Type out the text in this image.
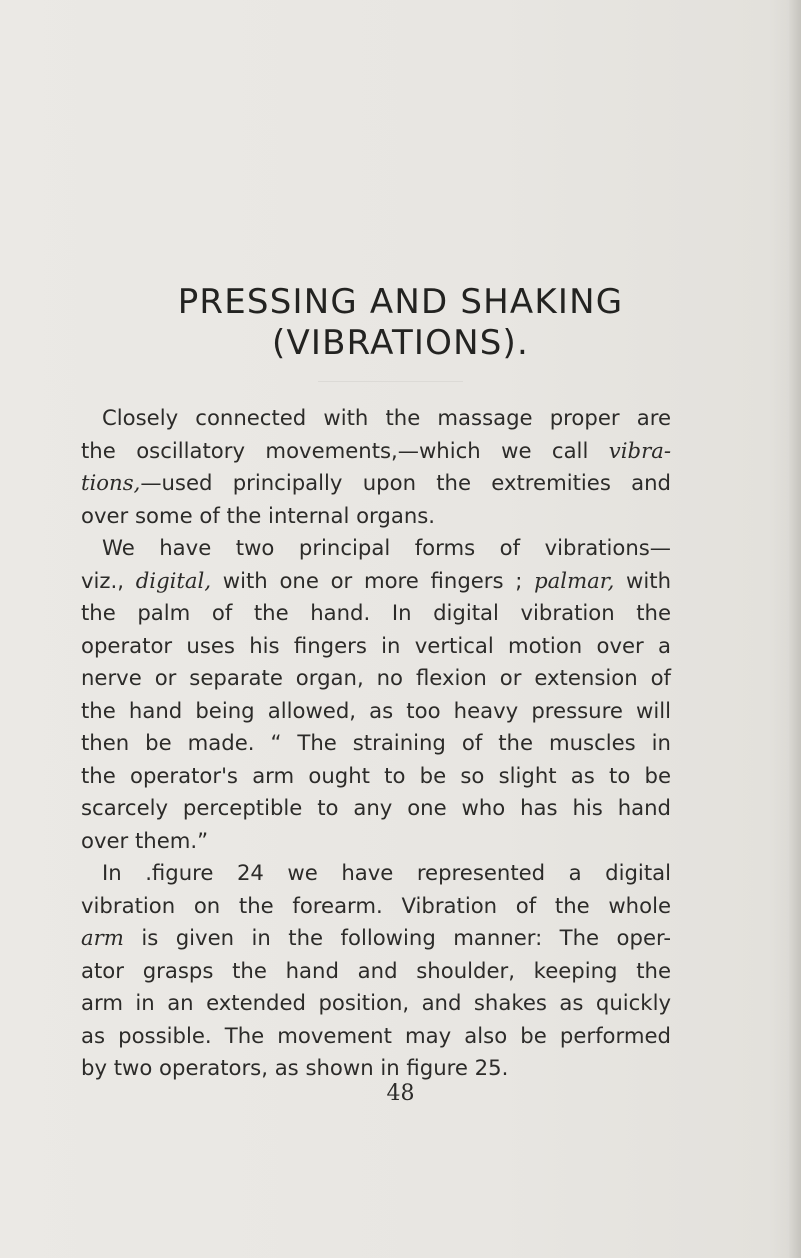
PRESSING AND SHAKING
(VIBRATIONS).
Closely connected with the massage proper are
the oscillatory movements,—which we call vibra-
tions,—used principally upon the extremities and
over some of the internal organs.
We have two principal forms of vibrations—
viz., digital, with one or more fingers ; palmar, with
the palm of the hand. In digital vibration the
operator uses his fingers in vertical motion over a
nerve or separate organ, no flexion or extension of
the hand being allowed, as too heavy pressure will
then be made. “ The straining of the muscles in
the operator's arm ought to be so slight as to be
scarcely perceptible to any one who has his hand
over them.”
In .figure 24 we have represented a digital
vibration on the forearm. Vibration of the whole
arm is given in the following manner: The oper-
ator grasps the hand and shoulder, keeping the
arm in an extended position, and shakes as quickly
as possible. The movement may also be performed
by two operators, as shown in figure 25.
48
